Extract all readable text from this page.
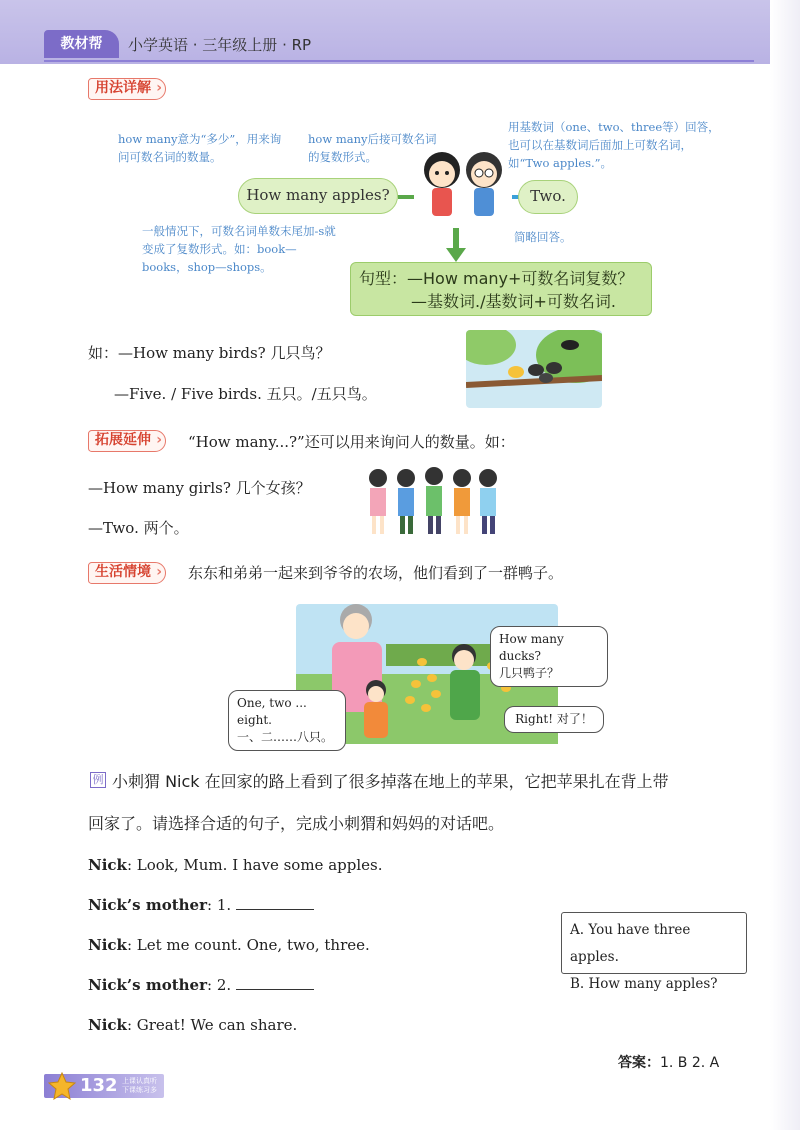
教材帮	小学英语 · 三年级上册 · RP
用法详解 ›
how many意为“多少”，用来询问可数名词的数量。
how many后接可数名词的复数形式。
用基数词（one、two、three等）回答，也可以在基数词后面加上可数名词，如“Two apples.”。
How many apples?	Two.
一般情况下，可数名词单数末尾加-s就变成了复数形式。如：book—books，shop—shops。
简略回答。
句型：—How many+可数名词复数？
—基数词./基数词+可数名词.
如：—How many birds? 几只鸟？
—Five. / Five birds. 五只。/五只鸟。
拓展延伸 ›	“How many...?”还可以用来询问人的数量。如：
—How many girls? 几个女孩？
—Two. 两个。
生活情境 ›	东东和弟弟一起来到爷爷的农场，他们看到了一群鸭子。
How many ducks?
几只鸭子？
One, two ... eight.
一、二……八只。
Right! 对了！
例 小刺猬 Nick 在回家的路上看到了很多掉落在地上的苹果，它把苹果扎在背上带
回家了。请选择合适的句子，完成小刺猬和妈妈的对话吧。
Nick: Look, Mum. I have some apples.
Nick’s mother: 1.
Nick: Let me count. One, two, three.
Nick’s mother: 2.
Nick: Great! We can share.
A. You have three apples.
B. How many apples?
答案：1. B 2. A
132 上课认真听 下课练习多
